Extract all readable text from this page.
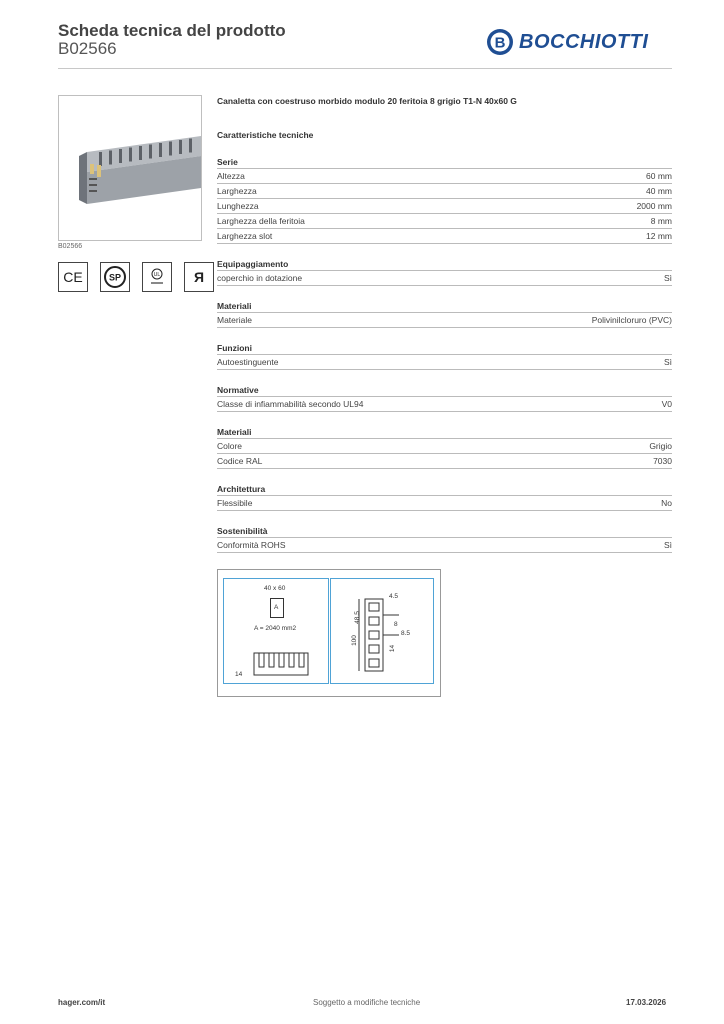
Scheda tecnica del prodotto
B02566	B BOCCHIOTTI
B02566
CE	SP	UL Я
Canaletta con coestruso morbido modulo 20 feritoia 8 grigio T1-N 40x60 G
Caratteristiche tecniche
Serie
Altezza	60 mm
Larghezza	40 mm
Lunghezza	2000 mm
Larghezza della feritoia	8 mm
Larghezza slot	12 mm
Equipaggiamento
coperchio in dotazione	Sì
Materiali
Materiale	Polivinilcloruro (PVC)
Funzioni
Autoestinguente	Sì
Normative
Classe di infiammabilità secondo UL94	V0
Materiali
Colore	Grigio
Codice RAL	7030
Architettura
Flessibile	No
Sostenibilità
Conformità ROHS	Sì
40 x 60
A
A = 2040 mm2
14
4.5
48.5
100
8
8.5
14
hager.com/it	Soggetto a modifiche tecniche	17.03.2026
